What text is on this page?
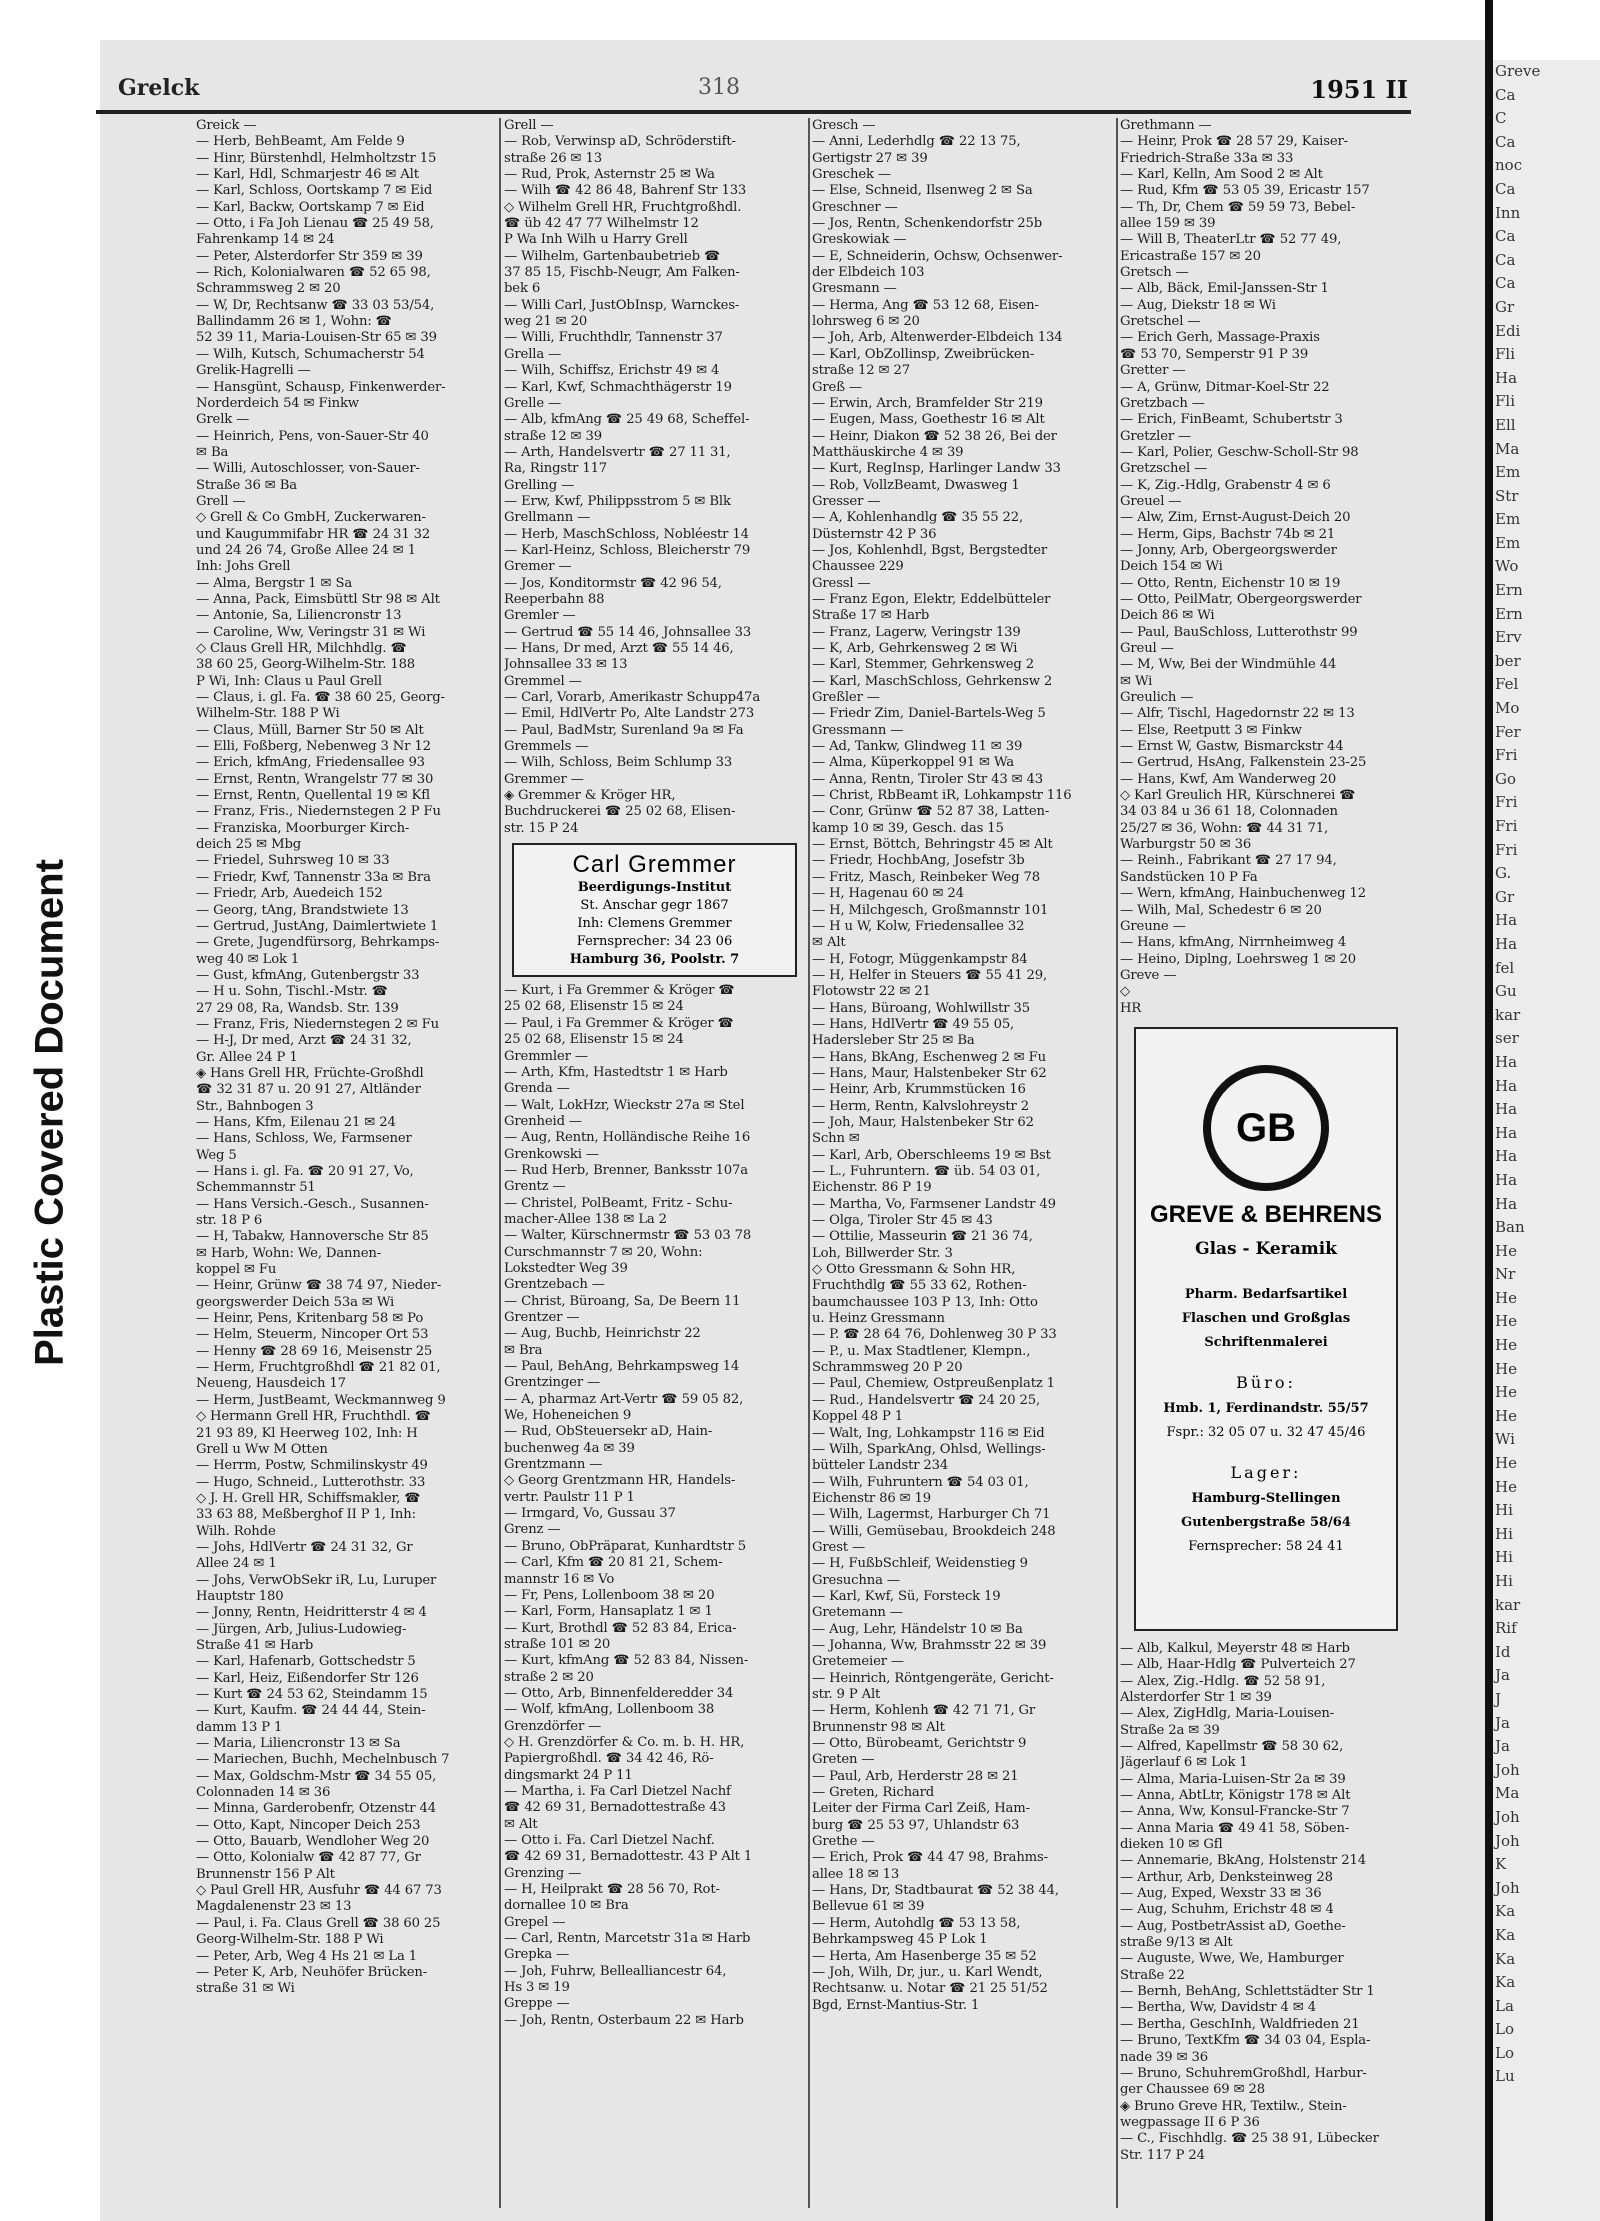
Plastic Covered Document
Greve
Ca
C
Ca
noc
Ca
Inn
Ca
Ca
Ca
Gr
Edi
Fli
Ha
Fli
Ell
Ma
Em
Str
Em
Em
Wo
Ern
Ern
Erv
ber
Fel
Mo
Fer
Fri
Go
Fri
Fri
Fri
G.
Gr
Ha
Ha
fel
Gu
kar
ser
Ha
Ha
Ha
Ha
Ha
Ha
Ha
Ban
He
Nr
He
He
He
He
He
He
Wi
He
He
Hi
Hi
Hi
Hi
kar
Rif
Id
Ja
J
Ja
Ja
Joh
Ma
Joh
Joh
K
Joh
Ka
Ka
Ka
Ka
La
Lo
Lo
Lu
Grelck	318	1951 II
Greick —
— Herb, BehBeamt, Am Felde 9
— Hinr, Bürstenhdl, Helmholtzstr 15
— Karl, Hdl, Schmarjestr 46 ✉ Alt
— Karl, Schloss, Oortskamp 7 ✉ Eid
— Karl, Backw, Oortskamp 7 ✉ Eid
— Otto, i Fa Joh Lienau ☎ 25 49 58,
Fahrenkamp 14 ✉ 24
— Peter, Alsterdorfer Str 359 ✉ 39
— Rich, Kolonialwaren ☎ 52 65 98,
Schrammsweg 2 ✉ 20
— W, Dr, Rechtsanw ☎ 33 03 53/54,
Ballindamm 26 ✉ 1, Wohn: ☎
52 39 11, Maria-Louisen-Str 65 ✉ 39
— Wilh, Kutsch, Schumacherstr 54
Grelik-Hagrelli —
— Hansgünt, Schausp, Finkenwerder-
Norderdeich 54 ✉ Finkw
Grelk —
— Heinrich, Pens, von-Sauer-Str 40
✉ Ba
— Willi, Autoschlosser, von-Sauer-
Straße 36 ✉ Ba
Grell —
◇ Grell & Co GmbH, Zuckerwaren-
und Kaugummifabr HR ☎ 24 31 32
und 24 26 74, Große Allee 24 ✉ 1
Inh: Johs Grell
— Alma, Bergstr 1 ✉ Sa
— Anna, Pack, Eimsbüttl Str 98 ✉ Alt
— Antonie, Sa, Liliencronstr 13
— Caroline, Ww, Veringstr 31 ✉ Wi
◇ Claus Grell HR, Milchhdlg. ☎
38 60 25, Georg-Wilhelm-Str. 188
P Wi, Inh: Claus u Paul Grell
— Claus, i. gl. Fa. ☎ 38 60 25, Georg-
Wilhelm-Str. 188 P Wi
— Claus, Müll, Barner Str 50 ✉ Alt
— Elli, Foßberg, Nebenweg 3 Nr 12
— Erich, kfmAng, Friedensallee 93
— Ernst, Rentn, Wrangelstr 77 ✉ 30
— Ernst, Rentn, Quellental 19 ✉ Kfl
— Franz, Fris., Niedernstegen 2 P Fu
— Franziska, Moorburger Kirch-
deich 25 ✉ Mbg
— Friedel, Suhrsweg 10 ✉ 33
— Friedr, Kwf, Tannenstr 33a ✉ Bra
— Friedr, Arb, Auedeich 152
— Georg, tAng, Brandstwiete 13
— Gertrud, JustAng, Daimlertwiete 1
— Grete, Jugendfürsorg, Behrkamps-
weg 40 ✉ Lok 1
— Gust, kfmAng, Gutenbergstr 33
— H u. Sohn, Tischl.-Mstr. ☎
27 29 08, Ra, Wandsb. Str. 139
— Franz, Fris, Niedernstegen 2 ✉ Fu
— H-J, Dr med, Arzt ☎ 24 31 32,
Gr. Allee 24 P 1
◈ Hans Grell HR, Früchte-Großhdl
☎ 32 31 87 u. 20 91 27, Altländer
Str., Bahnbogen 3
— Hans, Kfm, Eilenau 21 ✉ 24
— Hans, Schloss, We, Farmsener
Weg 5
— Hans i. gl. Fa. ☎ 20 91 27, Vo,
Schemmannstr 51
— Hans Versich.-Gesch., Susannen-
str. 18 P 6
— H, Tabakw, Hannoversche Str 85
✉ Harb, Wohn: We, Dannen-
koppel ✉ Fu
— Heinr, Grünw ☎ 38 74 97, Nieder-
georgswerder Deich 53a ✉ Wi
— Heinr, Pens, Kritenbarg 58 ✉ Po
— Helm, Steuerm, Nincoper Ort 53
— Henny ☎ 28 69 16, Meisenstr 25
— Herm, Fruchtgroßhdl ☎ 21 82 01,
Neueng, Hausdeich 17
— Herm, JustBeamt, Weckmannweg 9
◇ Hermann Grell HR, Fruchthdl. ☎
21 93 89, Kl Heerweg 102, Inh: H
Grell u Ww M Otten
— Herrm, Postw, Schmilinskystr 49
— Hugo, Schneid., Lutterothstr. 33
◇ J. H. Grell HR, Schiffsmakler, ☎
33 63 88, Meßberghof II P 1, Inh:
Wilh. Rohde
— Johs, HdlVertr ☎ 24 31 32, Gr
Allee 24 ✉ 1
— Johs, VerwObSekr iR, Lu, Luruper
Hauptstr 180
— Jonny, Rentn, Heidritterstr 4 ✉ 4
— Jürgen, Arb, Julius-Ludowieg-
Straße 41 ✉ Harb
— Karl, Hafenarb, Gottschedstr 5
— Karl, Heiz, Eißendorfer Str 126
— Kurt ☎ 24 53 62, Steindamm 15
— Kurt, Kaufm. ☎ 24 44 44, Stein-
damm 13 P 1
— Maria, Liliencronstr 13 ✉ Sa
— Mariechen, Buchh, Mechelnbusch 7
— Max, Goldschm-Mstr ☎ 34 55 05,
Colonnaden 14 ✉ 36
— Minna, Garderobenfr, Otzenstr 44
— Otto, Kapt, Nincoper Deich 253
— Otto, Bauarb, Wendloher Weg 20
— Otto, Kolonialw ☎ 42 87 77, Gr
Brunnenstr 156 P Alt
◇ Paul Grell HR, Ausfuhr ☎ 44 67 73
Magdalenenstr 23 ✉ 13
— Paul, i. Fa. Claus Grell ☎ 38 60 25
Georg-Wilhelm-Str. 188 P Wi
— Peter, Arb, Weg 4 Hs 21 ✉ La 1
— Peter K, Arb, Neuhöfer Brücken-
straße 31 ✉ Wi
Grell —
— Rob, Verwinsp aD, Schröderstift-
straße 26 ✉ 13
— Rud, Prok, Asternstr 25 ✉ Wa
— Wilh ☎ 42 86 48, Bahrenf Str 133
◇ Wilhelm Grell HR, Fruchtgroßhdl.
☎ üb 42 47 77 Wilhelmstr 12
P Wa Inh Wilh u Harry Grell
— Wilhelm, Gartenbaubetrieb ☎
37 85 15, Fischb-Neugr, Am Falken-
bek 6
— Willi Carl, JustObInsp, Warnckes-
weg 21 ✉ 20
— Willi, Fruchthdlr, Tannenstr 37
Grella —
— Wilh, Schiffsz, Erichstr 49 ✉ 4
— Karl, Kwf, Schmachthägerstr 19
Grelle —
— Alb, kfmAng ☎ 25 49 68, Scheffel-
straße 12 ✉ 39
— Arth, Handelsvertr ☎ 27 11 31,
Ra, Ringstr 117
Grelling —
— Erw, Kwf, Philippsstrom 5 ✉ Blk
Grellmann —
— Herb, MaschSchloss, Nobléestr 14
— Karl-Heinz, Schloss, Bleicherstr 79
Gremer —
— Jos, Konditormstr ☎ 42 96 54,
Reeperbahn 88
Gremler —
— Gertrud ☎ 55 14 46, Johnsallee 33
— Hans, Dr med, Arzt ☎ 55 14 46,
Johnsallee 33 ✉ 13
Gremmel —
— Carl, Vorarb, Amerikastr Schupp47a
— Emil, HdlVertr Po, Alte Landstr 273
— Paul, BadMstr, Surenland 9a ✉ Fa
Gremmels —
— Wilh, Schloss, Beim Schlump 33
Gremmer —
◈ Gremmer & Kröger HR,
Buchdruckerei ☎ 25 02 68, Elisen-
str. 15 P 24
Carl Gremmer
Beerdigungs-Institut
St. Anschar gegr 1867
Inh: Clemens Gremmer
Fernsprecher: 34 23 06
Hamburg 36, Poolstr. 7
— Kurt, i Fa Gremmer & Kröger ☎
25 02 68, Elisenstr 15 ✉ 24
— Paul, i Fa Gremmer & Kröger ☎
25 02 68, Elisenstr 15 ✉ 24
Gremmler —
— Arth, Kfm, Hastedtstr 1 ✉ Harb
Grenda —
— Walt, LokHzr, Wieckstr 27a ✉ Stel
Grenheid —
— Aug, Rentn, Holländische Reihe 16
Grenkowski —
— Rud Herb, Brenner, Banksstr 107a
Grentz —
— Christel, PolBeamt, Fritz - Schu-
macher-Allee 138 ✉ La 2
— Walter, Kürschnermstr ☎ 53 03 78
Curschmannstr 7 ✉ 20, Wohn:
Lokstedter Weg 39
Grentzebach —
— Christ, Büroang, Sa, De Beern 11
Grentzer —
— Aug, Buchb, Heinrichstr 22
✉ Bra
— Paul, BehAng, Behrkampsweg 14
Grentzinger —
— A, pharmaz Art-Vertr ☎ 59 05 82,
We, Hoheneichen 9
— Rud, ObSteuersekr aD, Hain-
buchenweg 4a ✉ 39
Grentzmann —
◇ Georg Grentzmann HR, Handels-
vertr. Paulstr 11 P 1
— Irmgard, Vo, Gussau 37
Grenz —
— Bruno, ObPräparat, Kunhardtstr 5
— Carl, Kfm ☎ 20 81 21, Schem-
mannstr 16 ✉ Vo
— Fr, Pens, Lollenboom 38 ✉ 20
— Karl, Form, Hansaplatz 1 ✉ 1
— Kurt, Brothdl ☎ 52 83 84, Erica-
straße 101 ✉ 20
— Kurt, kfmAng ☎ 52 83 84, Nissen-
straße 2 ✉ 20
— Otto, Arb, Binnenfelderedder 34
— Wolf, kfmAng, Lollenboom 38
Grenzdörfer —
◇ H. Grenzdörfer & Co. m. b. H. HR,
Papiergroßhdl. ☎ 34 42 46, Rö-
dingsmarkt 24 P 11
— Martha, i. Fa Carl Dietzel Nachf
☎ 42 69 31, Bernadottestraße 43
✉ Alt
— Otto i. Fa. Carl Dietzel Nachf.
☎ 42 69 31, Bernadottestr. 43 P Alt 1
Grenzing —
— H, Heilprakt ☎ 28 56 70, Rot-
dornallee 10 ✉ Bra
Grepel —
— Carl, Rentn, Marcetstr 31a ✉ Harb
Grepka —
— Joh, Fuhrw, Bellealliancestr 64,
Hs 3 ✉ 19
Greppe —
— Joh, Rentn, Osterbaum 22 ✉ Harb
Gresch —
— Anni, Lederhdlg ☎ 22 13 75,
Gertigstr 27 ✉ 39
Greschek —
— Else, Schneid, Ilsenweg 2 ✉ Sa
Greschner —
— Jos, Rentn, Schenkendorfstr 25b
Greskowiak —
— E, Schneiderin, Ochsw, Ochsenwer-
der Elbdeich 103
Gresmann —
— Herma, Ang ☎ 53 12 68, Eisen-
lohrsweg 6 ✉ 20
— Joh, Arb, Altenwerder-Elbdeich 134
— Karl, ObZollinsp, Zweibrücken-
straße 12 ✉ 27
Greß —
— Erwin, Arch, Bramfelder Str 219
— Eugen, Mass, Goethestr 16 ✉ Alt
— Heinr, Diakon ☎ 52 38 26, Bei der
Matthäuskirche 4 ✉ 39
— Kurt, RegInsp, Harlinger Landw 33
— Rob, VollzBeamt, Dwasweg 1
Gresser —
— A, Kohlenhandlg ☎ 35 55 22,
Düsternstr 42 P 36
— Jos, Kohlenhdl, Bgst, Bergstedter
Chaussee 229
Gressl —
— Franz Egon, Elektr, Eddelbütteler
Straße 17 ✉ Harb
— Franz, Lagerw, Veringstr 139
— K, Arb, Gehrkensweg 2 ✉ Wi
— Karl, Stemmer, Gehrkensweg 2
— Karl, MaschSchloss, Gehrkensw 2
Greßler —
— Friedr Zim, Daniel-Bartels-Weg 5
Gressmann —
— Ad, Tankw, Glindweg 11 ✉ 39
— Alma, Küperkoppel 91 ✉ Wa
— Anna, Rentn, Tiroler Str 43 ✉ 43
— Christ, RbBeamt iR, Lohkampstr 116
— Conr, Grünw ☎ 52 87 38, Latten-
kamp 10 ✉ 39, Gesch. das 15
— Ernst, Böttch, Behringstr 45 ✉ Alt
— Friedr, HochbAng, Josefstr 3b
— Fritz, Masch, Reinbeker Weg 78
— H, Hagenau 60 ✉ 24
— H, Milchgesch, Großmannstr 101
— H u W, Kolw, Friedensallee 32
✉ Alt
— H, Fotogr, Müggenkampstr 84
— H, Helfer in Steuers ☎ 55 41 29,
Flotowstr 22 ✉ 21
— Hans, Büroang, Wohlwillstr 35
— Hans, HdlVertr ☎ 49 55 05,
Hadersleber Str 25 ✉ Ba
— Hans, BkAng, Eschenweg 2 ✉ Fu
— Hans, Maur, Halstenbeker Str 62
— Heinr, Arb, Krummstücken 16
— Herm, Rentn, Kalvslohreystr 2
— Joh, Maur, Halstenbeker Str 62
Schn ✉
— Karl, Arb, Oberschleems 19 ✉ Bst
— L., Fuhruntern. ☎ üb. 54 03 01,
Eichenstr. 86 P 19
— Martha, Vo, Farmsener Landstr 49
— Olga, Tiroler Str 45 ✉ 43
— Ottilie, Masseurin ☎ 21 36 74,
Loh, Billwerder Str. 3
◇ Otto Gressmann & Sohn HR,
Fruchthdlg ☎ 55 33 62, Rothen-
baumchaussee 103 P 13, Inh: Otto
u. Heinz Gressmann
— P. ☎ 28 64 76, Dohlenweg 30 P 33
— P., u. Max Stadtlener, Klempn.,
Schrammsweg 20 P 20
— Paul, Chemiew, Ostpreußenplatz 1
— Rud., Handelsvertr ☎ 24 20 25,
Koppel 48 P 1
— Walt, Ing, Lohkampstr 116 ✉ Eid
— Wilh, SparkAng, Öhlsd, Wellings-
bütteler Landstr 234
— Wilh, Fuhruntern ☎ 54 03 01,
Eichenstr 86 ✉ 19
— Wilh, Lagermst, Harburger Ch 71
— Willi, Gemüsebau, Brookdeich 248
Grest —
— H, FußbSchleif, Weidenstieg 9
Gresuchna —
— Karl, Kwf, Sü, Forsteck 19
Gretemann —
— Aug, Lehr, Händelstr 10 ✉ Ba
— Johanna, Ww, Brahmsstr 22 ✉ 39
Gretemeier —
— Heinrich, Röntgengeräte, Gericht-
str. 9 P Alt
— Herm, Kohlenh ☎ 42 71 71, Gr
Brunnenstr 98 ✉ Alt
— Otto, Bürobeamt, Gerichtstr 9
Greten —
— Paul, Arb, Herderstr 28 ✉ 21
— Greten, Richard
Leiter der Firma Carl Zeiß, Ham-
burg ☎ 25 53 97, Uhlandstr 63
Grethe —
— Erich, Prok ☎ 44 47 98, Brahms-
allee 18 ✉ 13
— Hans, Dr, Stadtbaurat ☎ 52 38 44,
Bellevue 61 ✉ 39
— Herm, Autohdlg ☎ 53 13 58,
Behrkampsweg 45 P Lok 1
— Herta, Am Hasenberge 35 ✉ 52
— Joh, Wilh, Dr, jur., u. Karl Wendt,
Rechtsanw. u. Notar ☎ 21 25 51/52
Bgd, Ernst-Mantius-Str. 1
Grethmann —
— Heinr, Prok ☎ 28 57 29, Kaiser-
Friedrich-Straße 33a ✉ 33
— Karl, Kelln, Am Sood 2 ✉ Alt
— Rud, Kfm ☎ 53 05 39, Ericastr 157
— Th, Dr, Chem ☎ 59 59 73, Bebel-
allee 159 ✉ 39
— Will B, TheaterLtr ☎ 52 77 49,
Ericastraße 157 ✉ 20
Gretsch —
— Alb, Bäck, Emil-Janssen-Str 1
— Aug, Diekstr 18 ✉ Wi
Gretschel —
— Erich Gerh, Massage-Praxis
☎ 53 70, Semperstr 91 P 39
Gretter —
— A, Grünw, Ditmar-Koel-Str 22
Gretzbach —
— Erich, FinBeamt, Schubertstr 3
Gretzler —
— Karl, Polier, Geschw-Scholl-Str 98
Gretzschel —
— K, Zig.-Hdlg, Grabenstr 4 ✉ 6
Greuel —
— Alw, Zim, Ernst-August-Deich 20
— Herm, Gips, Bachstr 74b ✉ 21
— Jonny, Arb, Obergeorgswerder
Deich 154 ✉ Wi
— Otto, Rentn, Eichenstr 10 ✉ 19
— Otto, PeilMatr, Obergeorgswerder
Deich 86 ✉ Wi
— Paul, BauSchloss, Lutterothstr 99
Greul —
— M, Ww, Bei der Windmühle 44
✉ Wi
Greulich —
— Alfr, Tischl, Hagedornstr 22 ✉ 13
— Else, Reetputt 3 ✉ Finkw
— Ernst W, Gastw, Bismarckstr 44
— Gertrud, HsAng, Falkenstein 23-25
— Hans, Kwf, Am Wanderweg 20
◇ Karl Greulich HR, Kürschnerei ☎
34 03 84 u 36 61 18, Colonnaden
25/27 ✉ 36, Wohn: ☎ 44 31 71,
Warburgstr 50 ✉ 36
— Reinh., Fabrikant ☎ 27 17 94,
Sandstücken 10 P Fa
— Wern, kfmAng, Hainbuchenweg 12
— Wilh, Mal, Schedestr 6 ✉ 20
Greune —
— Hans, kfmAng, Nirrnheimweg 4
— Heino, Diplng, Loehrsweg 1 ✉ 20
Greve —
◇
HR
GB
GREVE & BEHRENS
Glas - Keramik
Pharm. Bedarfsartikel
Flaschen und Großglas
Schriftenmalerei
Büro:
Hmb. 1, Ferdinandstr. 55/57
Fspr.: 32 05 07 u. 32 47 45/46
Lager:
Hamburg-Stellingen
Gutenbergstraße 58/64
Fernsprecher: 58 24 41
— Alb, Kalkul, Meyerstr 48 ✉ Harb
— Alb, Haar-Hdlg ☎ Pulverteich 27
— Alex, Zig.-Hdlg. ☎ 52 58 91,
Alsterdorfer Str 1 ✉ 39
— Alex, ZigHdlg, Maria-Louisen-
Straße 2a ✉ 39
— Alfred, Kapellmstr ☎ 58 30 62,
Jägerlauf 6 ✉ Lok 1
— Alma, Maria-Luisen-Str 2a ✉ 39
— Anna, AbtLtr, Königstr 178 ✉ Alt
— Anna, Ww, Konsul-Francke-Str 7
— Anna Maria ☎ 49 41 58, Söben-
dieken 10 ✉ Gfl
— Annemarie, BkAng, Holstenstr 214
— Arthur, Arb, Denksteinweg 28
— Aug, Exped, Wexstr 33 ✉ 36
— Aug, Schuhm, Erichstr 48 ✉ 4
— Aug, PostbetrAssist aD, Goethe-
straße 9/13 ✉ Alt
— Auguste, Wwe, We, Hamburger
Straße 22
— Bernh, BehAng, Schlettstädter Str 1
— Bertha, Ww, Davidstr 4 ✉ 4
— Bertha, GeschInh, Waldfrieden 21
— Bruno, TextKfm ☎ 34 03 04, Espla-
nade 39 ✉ 36
— Bruno, SchuhremGroßhdl, Harbur-
ger Chaussee 69 ✉ 28
◈ Bruno Greve HR, Textilw., Stein-
wegpassage II 6 P 36
— C., Fischhdlg. ☎ 25 38 91, Lübecker
Str. 117 P 24
